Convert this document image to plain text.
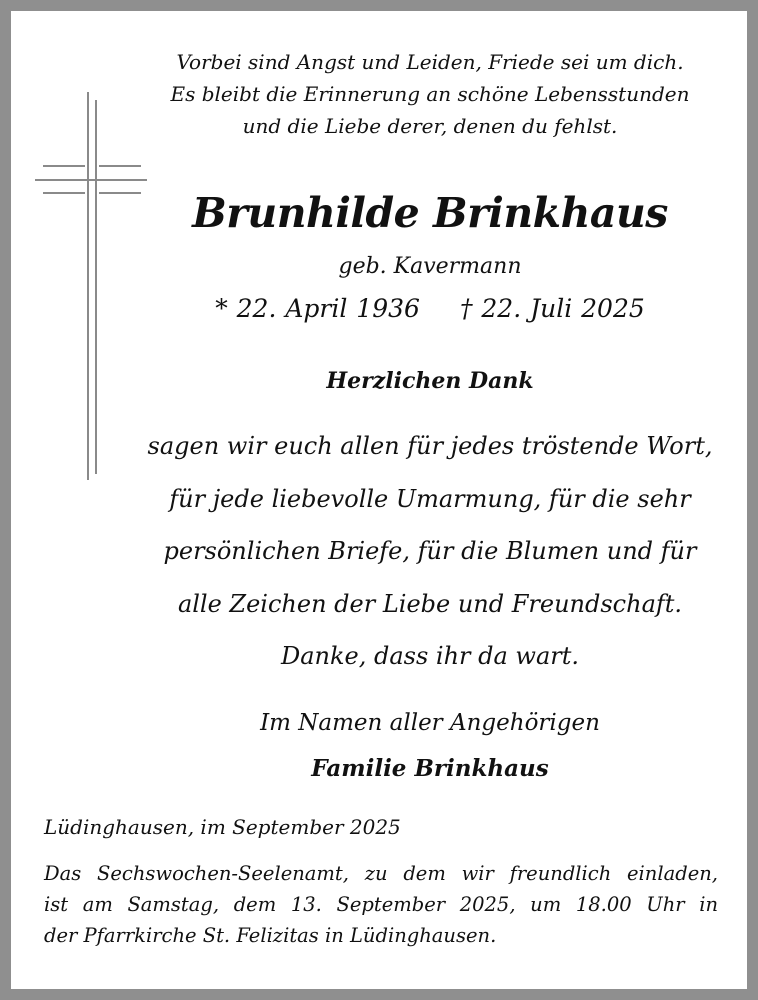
Vorbei sind Angst und Leiden, Friede sei um dich.
Es bleibt die Erinnerung an schöne Lebensstunden
und die Liebe derer, denen du fehlst.
Brunhilde Brinkhaus
geb. Kavermann
* 22. April 1936 † 22. Juli 2025
Herzlichen Dank
sagen wir euch allen für jedes tröstende Wort,
für jede liebevolle Umarmung, für die sehr
persönlichen Briefe, für die Blumen und für
alle Zeichen der Liebe und Freundschaft.
Danke, dass ihr da wart.
Im Namen aller Angehörigen
Familie Brinkhaus
Lüdinghausen, im September 2025
Das Sechswochen-Seelenamt, zu dem wir freundlich einladen,
ist am Samstag, dem 13. September 2025, um 18.00 Uhr in
der Pfarrkirche St. Felizitas in Lüdinghausen.
